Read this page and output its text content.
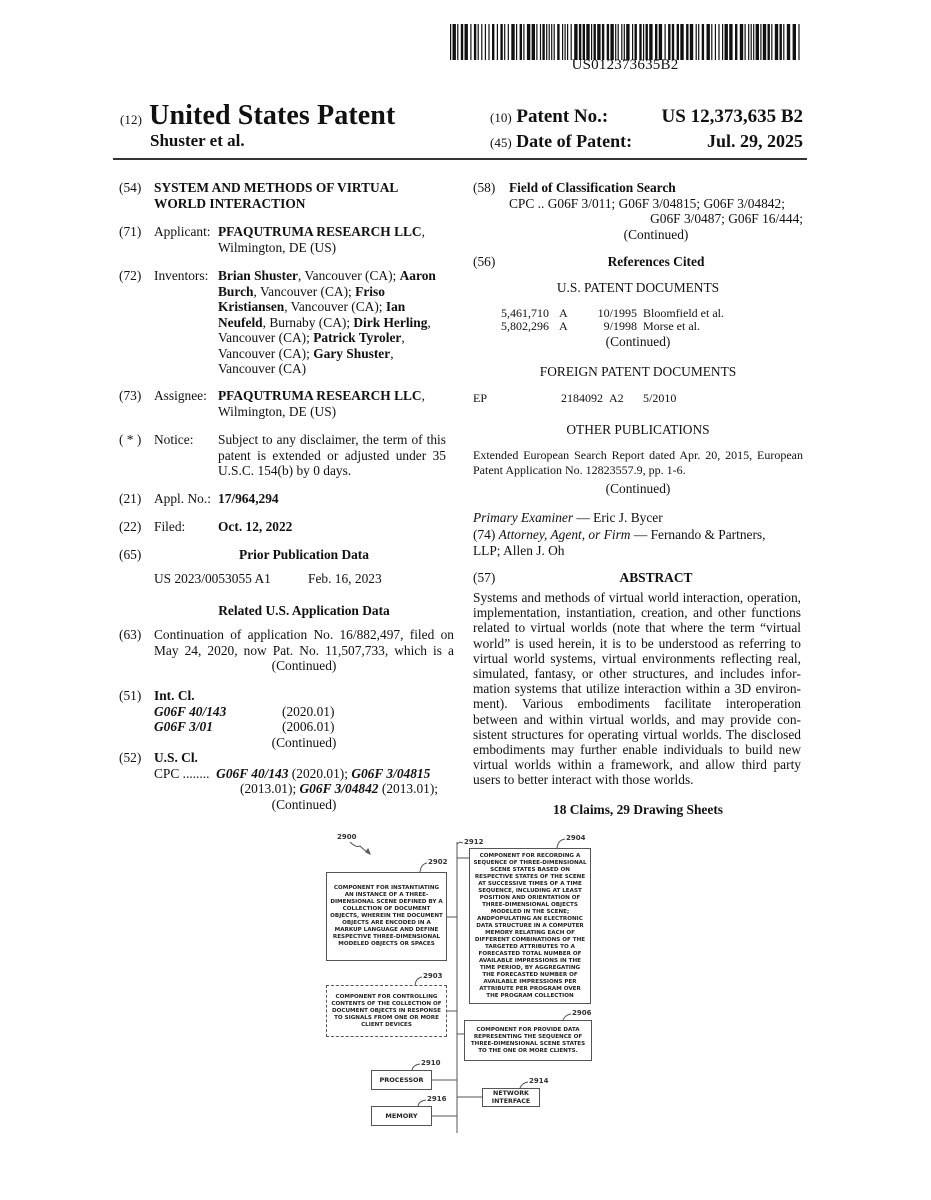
US012373635B2
(12) United States Patent
Shuster et al.
(10) Patent No.:	US 12,373,635 B2
(45) Date of Patent:	Jul. 29, 2025
(54) SYSTEM AND METHODS OF VIRTUAL
WORLD INTERACTION
(71) Applicant: PFAQUTRUMA RESEARCH LLC,
Wilmington, DE (US)
(72) Inventors: Brian Shuster, Vancouver (CA); Aaron
Burch, Vancouver (CA); Friso
Kristiansen, Vancouver (CA); Ian
Neufeld, Burnaby (CA); Dirk Herling,
Vancouver (CA); Patrick Tyroler,
Vancouver (CA); Gary Shuster,
Vancouver (CA)
(73) Assignee: PFAQUTRUMA RESEARCH LLC,
Wilmington, DE (US)
( * ) Notice: Subject to any disclaimer, the term of this
patent is extended or adjusted under 35
U.S.C. 154(b) by 0 days.
(21) Appl. No.: 17/964,294
(22) Filed: Oct. 12, 2022
(65)	Prior Publication Data
US 2023/0053055 A1	Feb. 16, 2023
Related U.S. Application Data
(63) Continuation of application No. 16/882,497, filed on
May 24, 2020, now Pat. No. 11,507,733, which is a
(Continued)
(51) Int. Cl.
G06F 40/143	(2020.01)
G06F 3/01	(2006.01)
(Continued)
(52) U.S. Cl.
CPC ........ G06F 40/143 (2020.01); G06F 3/04815
(2013.01); G06F 3/04842 (2013.01);
(Continued)
(58) Field of Classification Search
CPC .. G06F 3/011; G06F 3/04815; G06F 3/04842;
G06F 3/0487; G06F 16/444;
(Continued)
(56)	References Cited
U.S. PATENT DOCUMENTS
5,461,710 A	10/1995 Bloomfield et al.
5,802,296 A	9/1998 Morse et al.
(Continued)
FOREIGN PATENT DOCUMENTS
EP	2184092 A2 5/2010
OTHER PUBLICATIONS
Extended European Search Report dated Apr. 20, 2015, European
Patent Application No. 12823557.9, pp. 1-6.
(Continued)
Primary Examiner — Eric J. Bycer
(74) Attorney, Agent, or Firm — Fernando & Partners,
LLP; Allen J. Oh
(57)	ABSTRACT
Systems and methods of virtual world interaction, operation, implementation, instantiation, creation, and other functions related to virtual worlds (note that where the term “virtual world” is used herein, it is to be understood as referring to virtual world systems, virtual environments reflecting real, simulated, fantasy, or other structures, and includes infor­mation systems that utilize interaction within a 3D environ­ment). Various embodiments facilitate interoperation between and within virtual worlds, and may provide con­sistent structures for operating virtual worlds. The disclosed embodiments may further enable individuals to build new virtual worlds within a framework, and allow third party users to better interact with those worlds.
18 Claims, 29 Drawing Sheets
2900
2912
2902
COMPONENT FOR INSTANTIATING AN INSTANCE OF A THREE-DIMENSIONAL SCENE DEFINED BY A COLLECTION OF DOCUMENT OBJECTS, WHEREIN THE DOCUMENT OBJECTS ARE ENCODED IN A MARKUP LANGUAGE AND DEFINE RESPECTIVE THREE-DIMENSIONAL MODELED OBJECTS OR SPACES
2904
COMPONENT FOR RECORDING A SEQUENCE OF THREE-DIMENSIONAL SCENE STATES BASED ON RESPECTIVE STATES OF THE SCENE AT SUCCESSIVE TIMES OF A TIME SEQUENCE, INCLUDING AT LEAST POSITION AND ORIENTATION OF THREE-DIMENSIONAL OBJECTS MODELED IN THE SCENE; ANDPOPULATING AN ELECTRONIC DATA STRUCTURE IN A COMPUTER MEMORY RELATING EACH OF DIFFERENT COMBINATIONS OF THE TARGETED ATTRIBUTES TO A FORECASTED TOTAL NUMBER OF AVAILABLE IMPRESSIONS IN THE TIME PERIOD, BY AGGREGATING THE FORECASTED NUMBER OF AVAILABLE IMPRESSIONS PER ATTRIBUTE PER PROGRAM OVER THE PROGRAM COLLECTION
2903
COMPONENT FOR CONTROLLING CONTENTS OF THE COLLECTION OF DOCUMENT OBJECTS IN RESPONSE TO SIGNALS FROM ONE OR MORE CLIENT DEVICES
2906
COMPONENT FOR PROVIDE DATA REPRESENTING THE SEQUENCE OF THREE-DIMENSIONAL SCENE STATES TO THE ONE OR MORE CLIENTS.
2910
PROCESSOR	2914
NETWORK INTERFACE
2916
MEMORY
